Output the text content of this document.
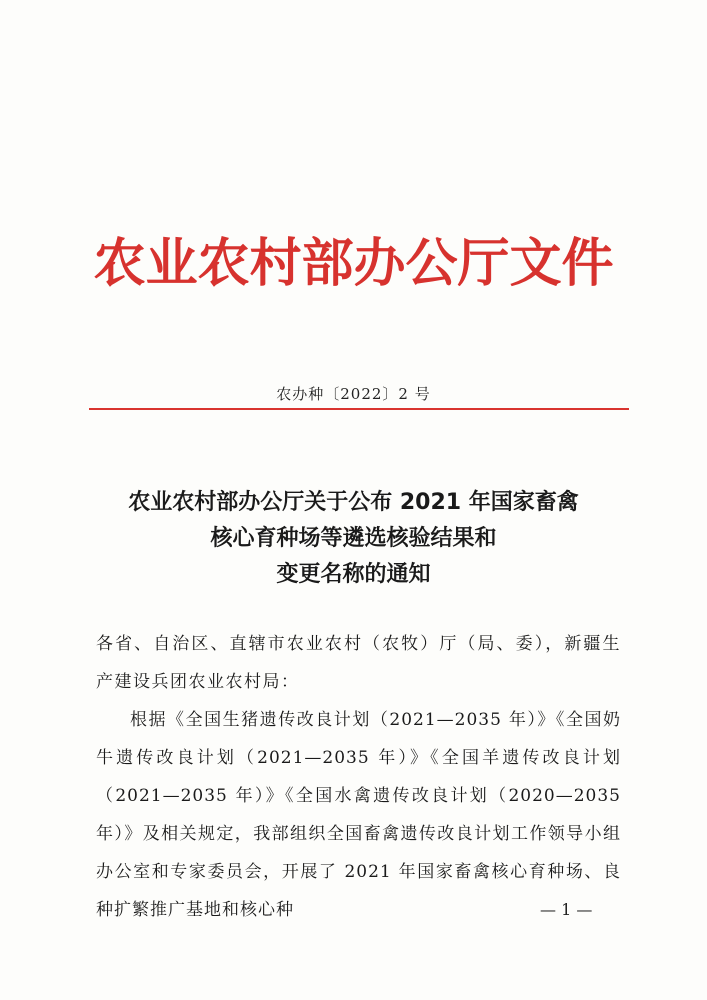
农业农村部办公厅文件
农办种〔2022〕2 号
农业农村部办公厅关于公布 2021 年国家畜禽
核心育种场等遴选核验结果和
变更名称的通知
各省、自治区、直辖市农业农村（农牧）厅（局、委），新疆生产建设兵团农业农村局：
根据《全国生猪遗传改良计划（2021—2035 年）》《全国奶牛遗传改良计划（2021—2035 年）》《全国羊遗传改良计划（2021—2035 年）》《全国水禽遗传改良计划（2020—2035 年）》及相关规定，我部组织全国畜禽遗传改良计划工作领导小组办公室和专家委员会，开展了 2021 年国家畜禽核心育种场、良种扩繁推广基地和核心种	— 1 —
